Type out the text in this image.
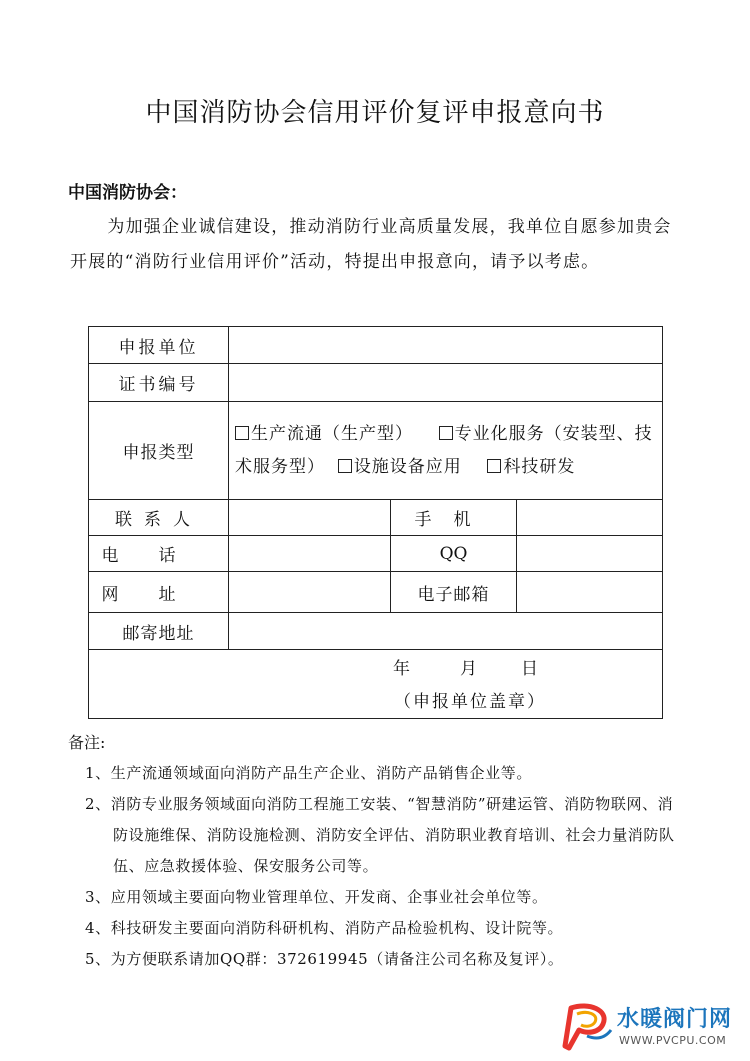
中国消防协会信用评价复评申报意向书
中国消防协会：
为加强企业诚信建设，推动消防行业高质量发展，我单位自愿参加贵会开展的“消防行业信用评价”活动，特提出申报意向，请予以考虑。
申报单位			
证书编号			
申报类型	生产流通（生产型） 专业化服务（安装型、技术服务型） 设施设备应用 科技研发		
联系人		手机	
电话		QQ	
网址		电子邮箱	
邮寄地址			

年 月 日
（申报单位盖章）			
备注:
1、生产流通领域面向消防产品生产企业、消防产品销售企业等。
2、消防专业服务领域面向消防工程施工安装、“智慧消防”研建运管、消防物联网、消防设施维保、消防设施检测、消防安全评估、消防职业教育培训、社会力量消防队伍、应急救援体验、保安服务公司等。
3、应用领域主要面向物业管理单位、开发商、企事业社会单位等。
4、科技研发主要面向消防科研机构、消防产品检验机构、设计院等。
5、为方便联系请加QQ群：372619945（请备注公司名称及复评）。
水暖阀门网
WWW.PVCPU.COM
